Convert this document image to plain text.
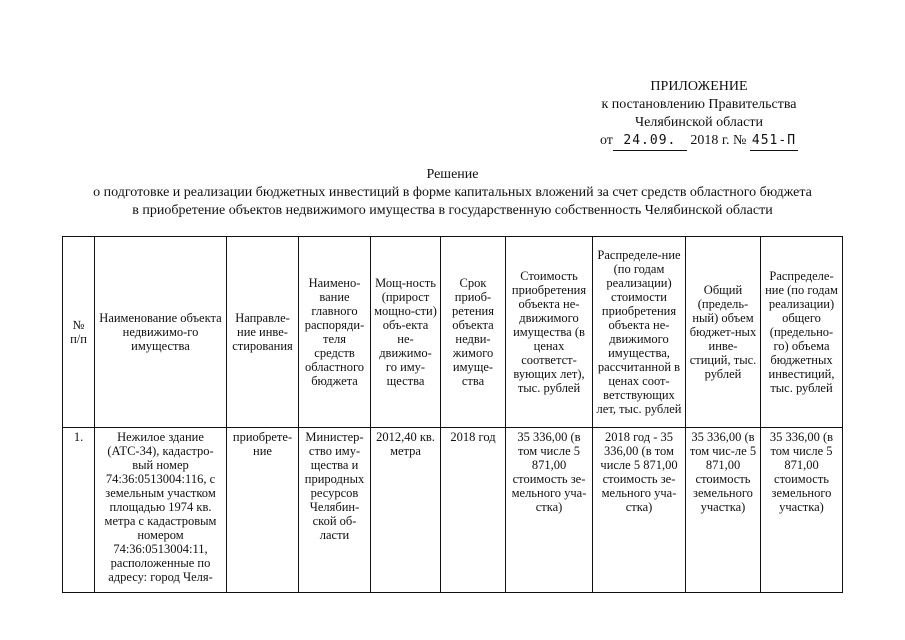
ПРИЛОЖЕНИЕ
к постановлению Правительства
Челябинской области
от 24.09. 2018 г. № 451-П
Решение
о подготовке и реализации бюджетных инвестиций в форме капитальных вложений за счет средств областного бюджета
в приобретение объектов недвижимого имущества в государственную собственность Челябинской области
№ п/п	Наименование объекта недвижимо-го имущества	Направле-ние инве-стирования	Наимено-вание главного распоряди-теля средств областного бюджета	Мощ-ность (прирост мощно-сти) объ-екта не-движимо-го иму-щества	Срок приоб-ретения объекта недви-жимого имуще-ства	Стоимость приобретения объекта не-движимого имущества (в ценах соответст-вующих лет), тыс. рублей	Распределе-ние (по годам реализации) стоимости приобретения объекта не-движимого имущества, рассчитанной в ценах соот-ветствующих лет, тыс. рублей	Общий (предель-ный) объем бюджет-ных инве-стиций, тыс. рублей	Распределе-ние (по годам реализации) общего (предельно-го) объема бюджетных инвестиций, тыс. рублей
1.	Нежилое здание (АТС-34), кадастро-вый номер 74:36:0513004:116, с земельным участком площадью 1974 кв. метра с кадастровым номером 74:36:0513004:11, расположенные по адресу: город Челя-	приобрете-ние	Министер-ство иму-щества и природных ресурсов Челябин-ской об-ласти	2012,40 кв. метра	2018 год	35 336,00 (в том числе 5 871,00 стоимость зе-мельного уча-стка)	2018 год - 35 336,00 (в том числе 5 871,00 стоимость зе-мельного уча-стка)	35 336,00 (в том чис-ле 5 871,00 стоимость земельного участка)	35 336,00 (в том числе 5 871,00 стоимость земельного участка)
